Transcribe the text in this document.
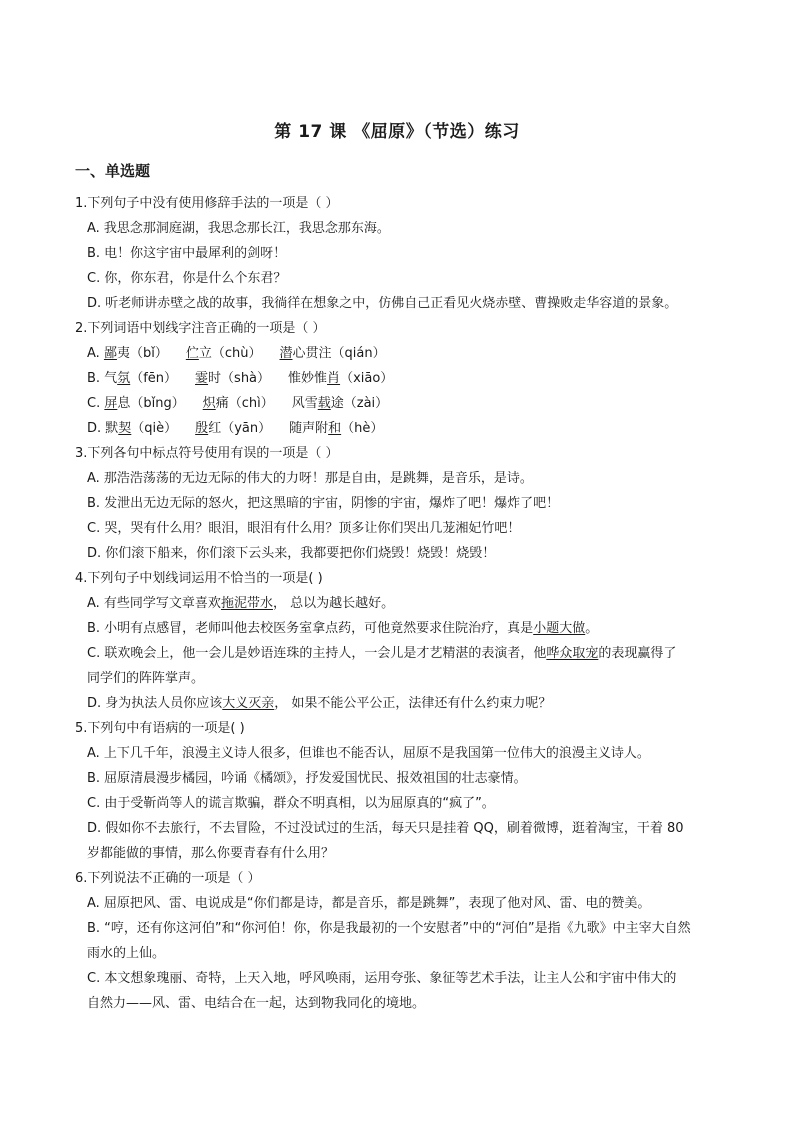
第 17 课 《屈原》（节选）练习
一、单选题
1.下列句子中没有使用修辞手法的一项是（ ）
A. 我思念那洞庭湖，我思念那长江，我思念那东海。
B. 电！你这宇宙中最犀利的剑呀！
C. 你，你东君，你是什么个东君？
D. 听老师讲赤壁之战的故事，我徜徉在想象之中，仿佛自己正看见火烧赤壁、曹操败走华容道的景象。
2.下列词语中划线字注音正确的一项是（ ）
A. 鄙夷（bǐ） 伫立（chù） 潜心贯注（qián）
B. 气氛（fēn） 霎时（shà） 惟妙惟肖（xiāo）
C. 屏息（bǐng） 炽痛（chì） 风雪载途（zài）
D. 默契（qiè） 殷红（yān） 随声附和（hè）
3.下列各句中标点符号使用有误的一项是（ ）
A. 那浩浩荡荡的无边无际的伟大的力呀！那是自由，是跳舞，是音乐，是诗。
B. 发泄出无边无际的怒火，把这黑暗的宇宙，阴惨的宇宙，爆炸了吧！爆炸了吧！
C. 哭，哭有什么用？眼泪，眼泪有什么用？顶多让你们哭出几茏湘妃竹吧！
D. 你们滚下船来，你们滚下云头来，我都要把你们烧毁！烧毁！烧毁！
4.下列句子中划线词运用不恰当的一项是( )
A. 有些同学写文章喜欢拖泥带水， 总以为越长越好。
B. 小明有点感冒，老师叫他去校医务室拿点药，可他竟然要求住院治疗，真是小题大做。
C. 联欢晚会上，他一会儿是妙语连珠的主持人，一会儿是才艺精湛的表演者，他哗众取宠的表现赢得了
同学们的阵阵掌声。
D. 身为执法人员你应该大义灭亲， 如果不能公平公正，法律还有什么约束力呢？
5.下列句中有语病的一项是( )
A. 上下几千年，浪漫主义诗人很多，但谁也不能否认，屈原不是我国第一位伟大的浪漫主义诗人。
B. 屈原清晨漫步橘园，吟诵《橘颂》，抒发爱国忧民、报效祖国的壮志豪情。
C. 由于受靳尚等人的谎言欺骗，群众不明真相，以为屈原真的“疯了”。
D. 假如你不去旅行，不去冒险，不过没试过的生活，每天只是挂着 QQ，刷着微博，逛着淘宝，干着 80
岁都能做的事情，那么你要青春有什么用？
6.下列说法不正确的一项是（ ）
A. 屈原把风、雷、电说成是“你们都是诗，都是音乐，都是跳舞”，表现了他对风、雷、电的赞美。
B. “哼，还有你这河伯”和“你河伯！你，你是我最初的一个安慰者”中的“河伯”是指《九歌》中主宰大自然
雨水的上仙。
C. 本文想象瑰丽、奇特，上天入地，呼风唤雨，运用夸张、象征等艺术手法，让主人公和宇宙中伟大的
自然力——风、雷、电结合在一起，达到物我同化的境地。
